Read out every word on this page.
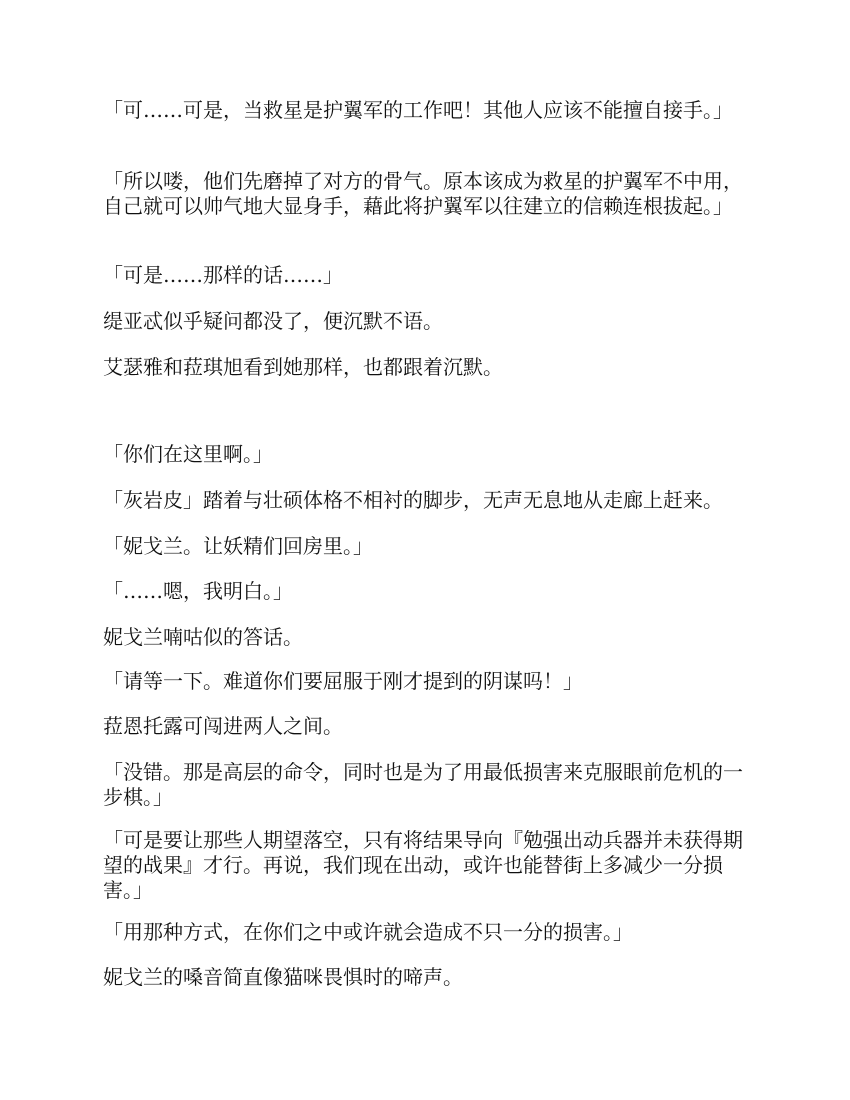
「可……可是，当救星是护翼军的工作吧！其他人应该不能擅自接手。」

「所以喽，他们先磨掉了对方的骨气。原本该成为救星的护翼军不中用，自己就可以帅气地大显身手，藉此将护翼军以往建立的信赖连根拔起。」

「可是……那样的话……」

缇亚忒似乎疑问都没了，便沉默不语。

艾瑟雅和菈琪旭看到她那样，也都跟着沉默。

「你们在这里啊。」

「灰岩皮」踏着与壮硕体格不相衬的脚步，无声无息地从走廊上赶来。

「妮戈兰。让妖精们回房里。」

「……嗯，我明白。」

妮戈兰喃咕似的答话。

「请等一下。难道你们要屈服于刚才提到的阴谋吗！」

菈恩托露可闯进两人之间。

「没错。那是高层的命令，同时也是为了用最低损害来克服眼前危机的一步棋。」

「可是要让那些人期望落空，只有将结果导向『勉强出动兵器并未获得期望的战果』才行。再说，我们现在出动，或许也能替街上多减少一分损害。」

「用那种方式，在你们之中或许就会造成不只一分的损害。」

妮戈兰的嗓音简直像猫咪畏惧时的啼声。
